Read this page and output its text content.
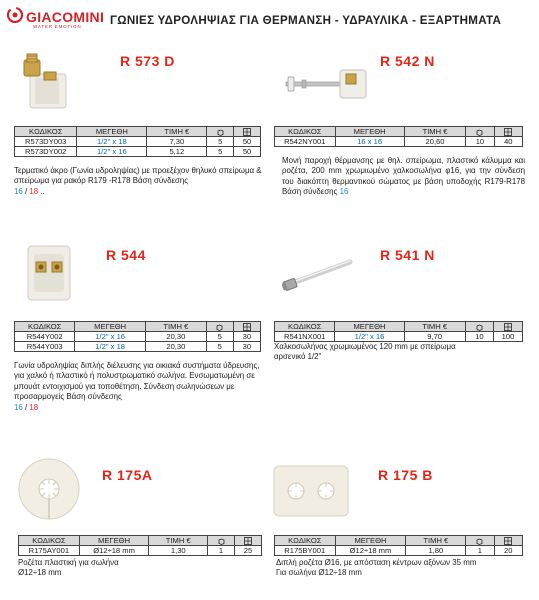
GIACOMINI
WATER EMOTION ΓΩΝΙΕΣ ΥΔΡΟΛΗΨΙΑΣ ΓΙΑ ΘΕΡΜΑΝΣΗ - ΥΔΡΑΥΛΙΚΑ - ΕΞΑΡΤΗΜΑΤΑ
R 573 D
ΚΩΔΙΚΟΣ	ΜΕΓΕΘΗ	ΤΙΜΗ €		
R573DY003	1/2" x 18	7,30	5	50
R573DY002	1/2" x 16	5,12	5	50
Τερματικό άκρο (Γωνία υδροληψίας) με προεξέχον θηλυκό σπείρωμα & σπείρωμα για ρακόρ R179 -R178 Βάση σύνδεσης
16 / 18 ..
R 542 N
ΚΩΔΙΚΟΣ	ΜΕΓΕΘΗ	ΤΙΜΗ €		
R542NY001	16 x 16	20,60	10	40
Μονή παροχή θέρμανσης με θηλ. σπείρωμα, πλαστικό κάλυμμα και ροζέτα, 200 mm χρωμιωμένο χαλκοσωλήνα φ16, για την σύνδεση του διακόπτη θερμαντικού σώματος με βάση υποδοχής R179-R178 Βάση σύνδεσης 16
R 544
ΚΩΔΙΚΟΣ	ΜΕΓΕΘΗ	ΤΙΜΗ €		
R544Y002	1/2" x 16	20,30	5	30
R544Y003	1/2" x 18	20,30	5	30
Γωνία υδροληψίας διπλής διέλευσης για οικιακά συστήματα ύδρευσης, για χαλκό ή πλαστικό ή πολυστρωματικό σωλήνα. Ενσωματωμένη σε μπουάτ εντοιχισμού για τοποθέτηση. Σύνδεση σωληνώσεων με προσαρμογείς Βάση σύνδεσης
16 / 18
R 541 N
ΚΩΔΙΚΟΣ	ΜΕΓΕΘΗ	ΤΙΜΗ €		
R541NX001	1/2" x 16	9,70	10	100
Χαλκοσωλήνας χρωμιωμένος 120 mm με σπείρωμα αρσενικό 1/2"
R 175A
ΚΩΔΙΚΟΣ	ΜΕΓΕΘΗ	ΤΙΜΗ €		
R175AY001	Ø12÷18 mm	1,30	1	25
Ροζέτα πλαστική για σωλήνα
Ø12÷18 mm
R 175 B
ΚΩΔΙΚΟΣ	ΜΕΓΕΘΗ	ΤΙΜΗ €		
R175BY001	Ø12÷18 mm	1,80	1	20
Διπλή ροζέτα Ø16, με απόσταση κέντρων αξόνων 35 mm
Για σωλήνα Ø12÷18 mm
